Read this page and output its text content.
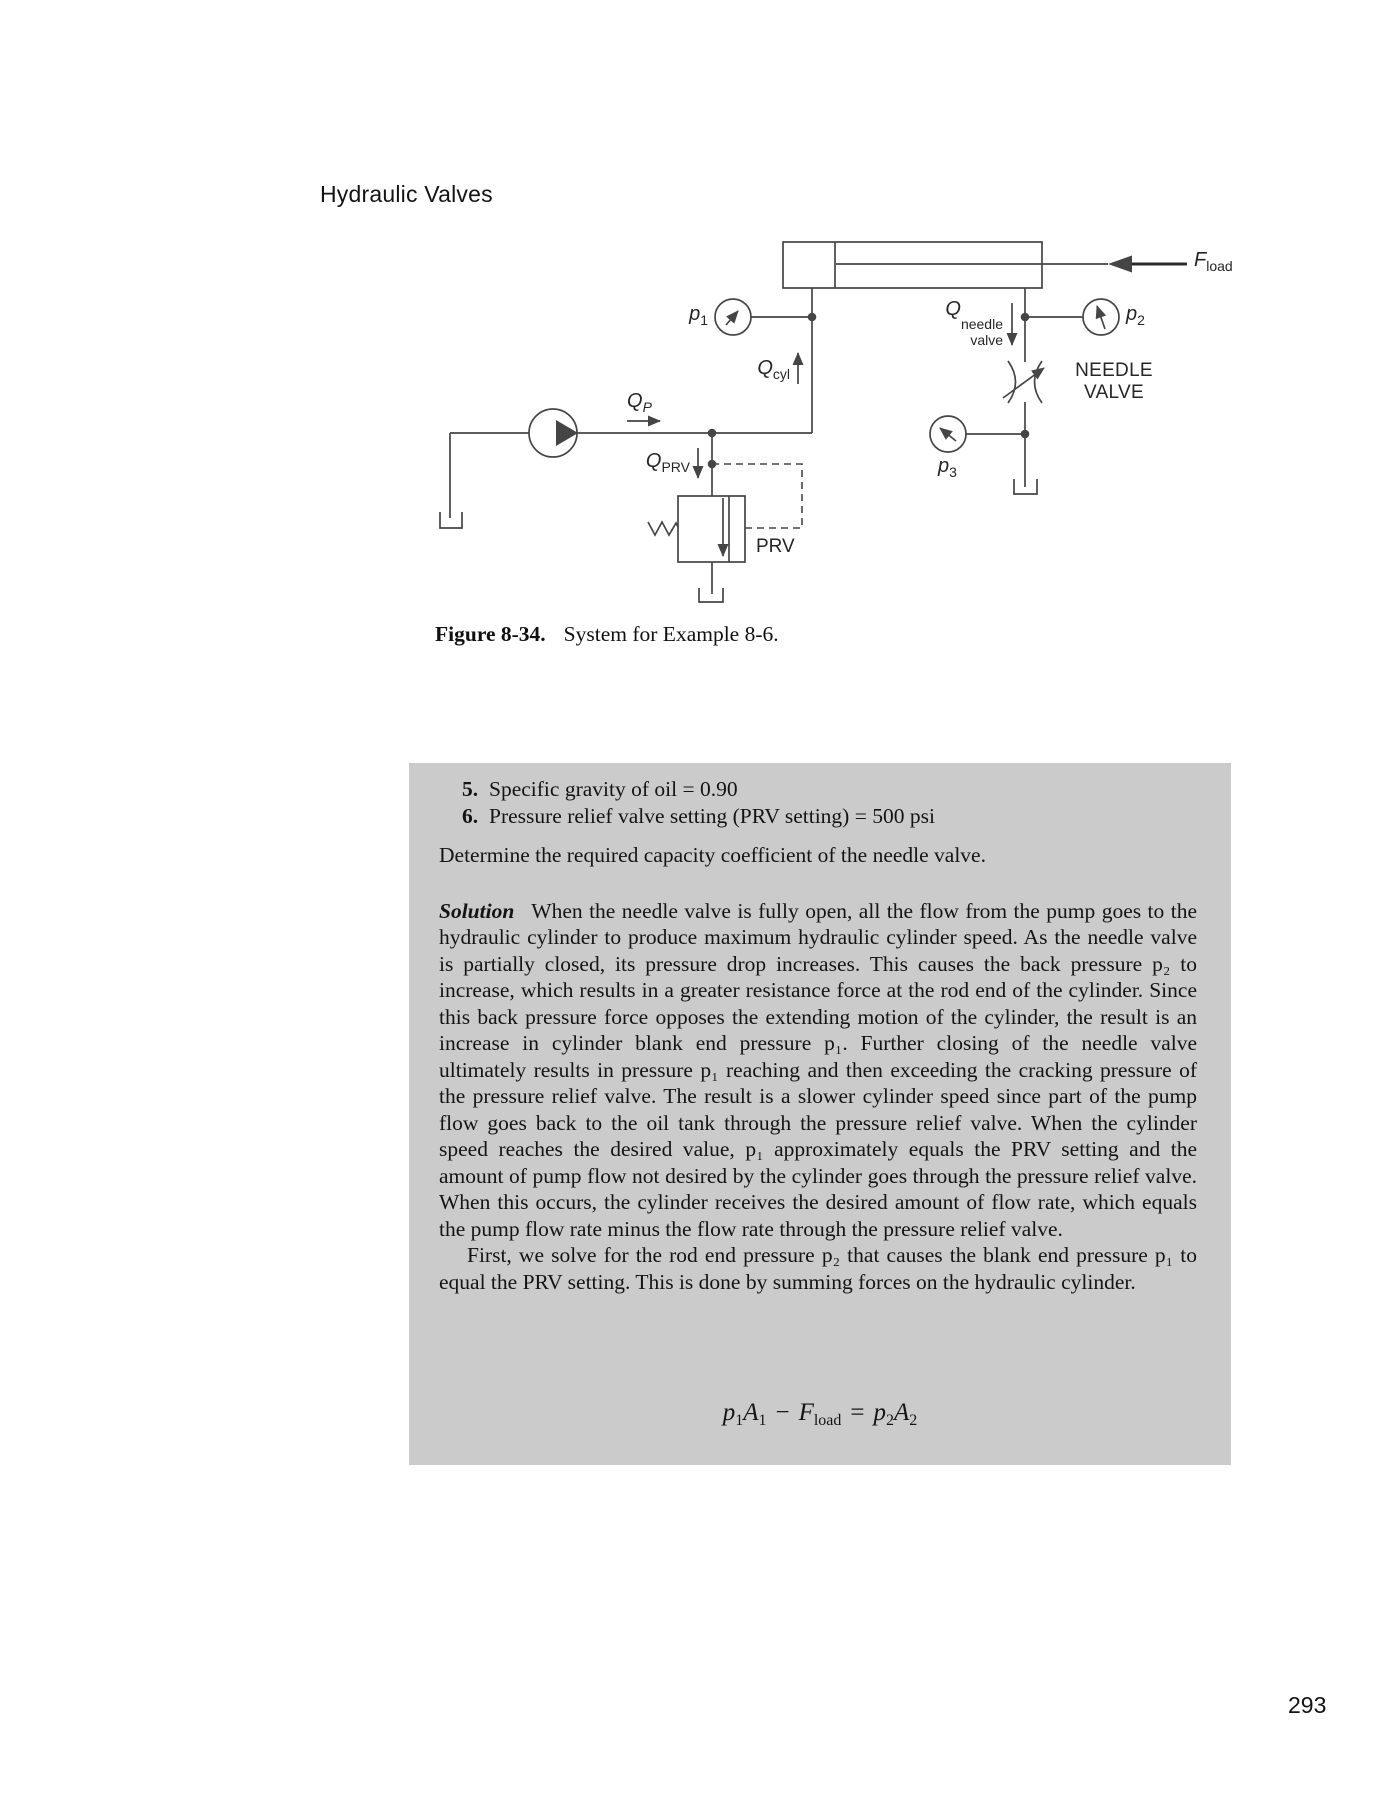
Hydraulic Valves
$p_1$	$p_2$
$p_3$
$Q_P$
$Q_{cyl}$
$Q_{PRV}$
Q
needle
valve
$F_{load}$
NEEDLE
VALVE
PRV
Figure 8-34. System for Example 8-6.
5. Specific gravity of oil = 0.90
6. Pressure relief valve setting (PRV setting) = 500 psi
Determine the required capacity coefficient of the needle valve.
Solution When the needle valve is fully open, all the flow from the pump goes to the hydraulic cylinder to produce maximum hydraulic cylinder speed. As the needle valve is partially closed, its pressure drop increases. This causes the back pressure p₂ to increase, which results in a greater resistance force at the rod end of the cylinder. Since this back pressure force opposes the extending motion of the cylinder, the result is an increase in cylinder blank end pressure p₁. Further closing of the needle valve ultimately results in pressure p₁ reaching and then exceeding the cracking pressure of the pressure relief valve. The result is a slower cylinder speed since part of the pump flow goes back to the oil tank through the pressure relief valve. When the cylinder speed reaches the desired value, p₁ approximately equals the PRV setting and the amount of pump flow not desired by the cylinder goes through the pressure relief valve. When this occurs, the cylinder receives the desired amount of flow rate, which equals the pump flow rate minus the flow rate through the pressure relief valve.
First, we solve for the rod end pressure p₂ that causes the blank end pressure p₁ to equal the PRV setting. This is done by summing forces on the hydraulic cylinder.
$p_1A_1 - F_{load} = p_2A_2$
293
